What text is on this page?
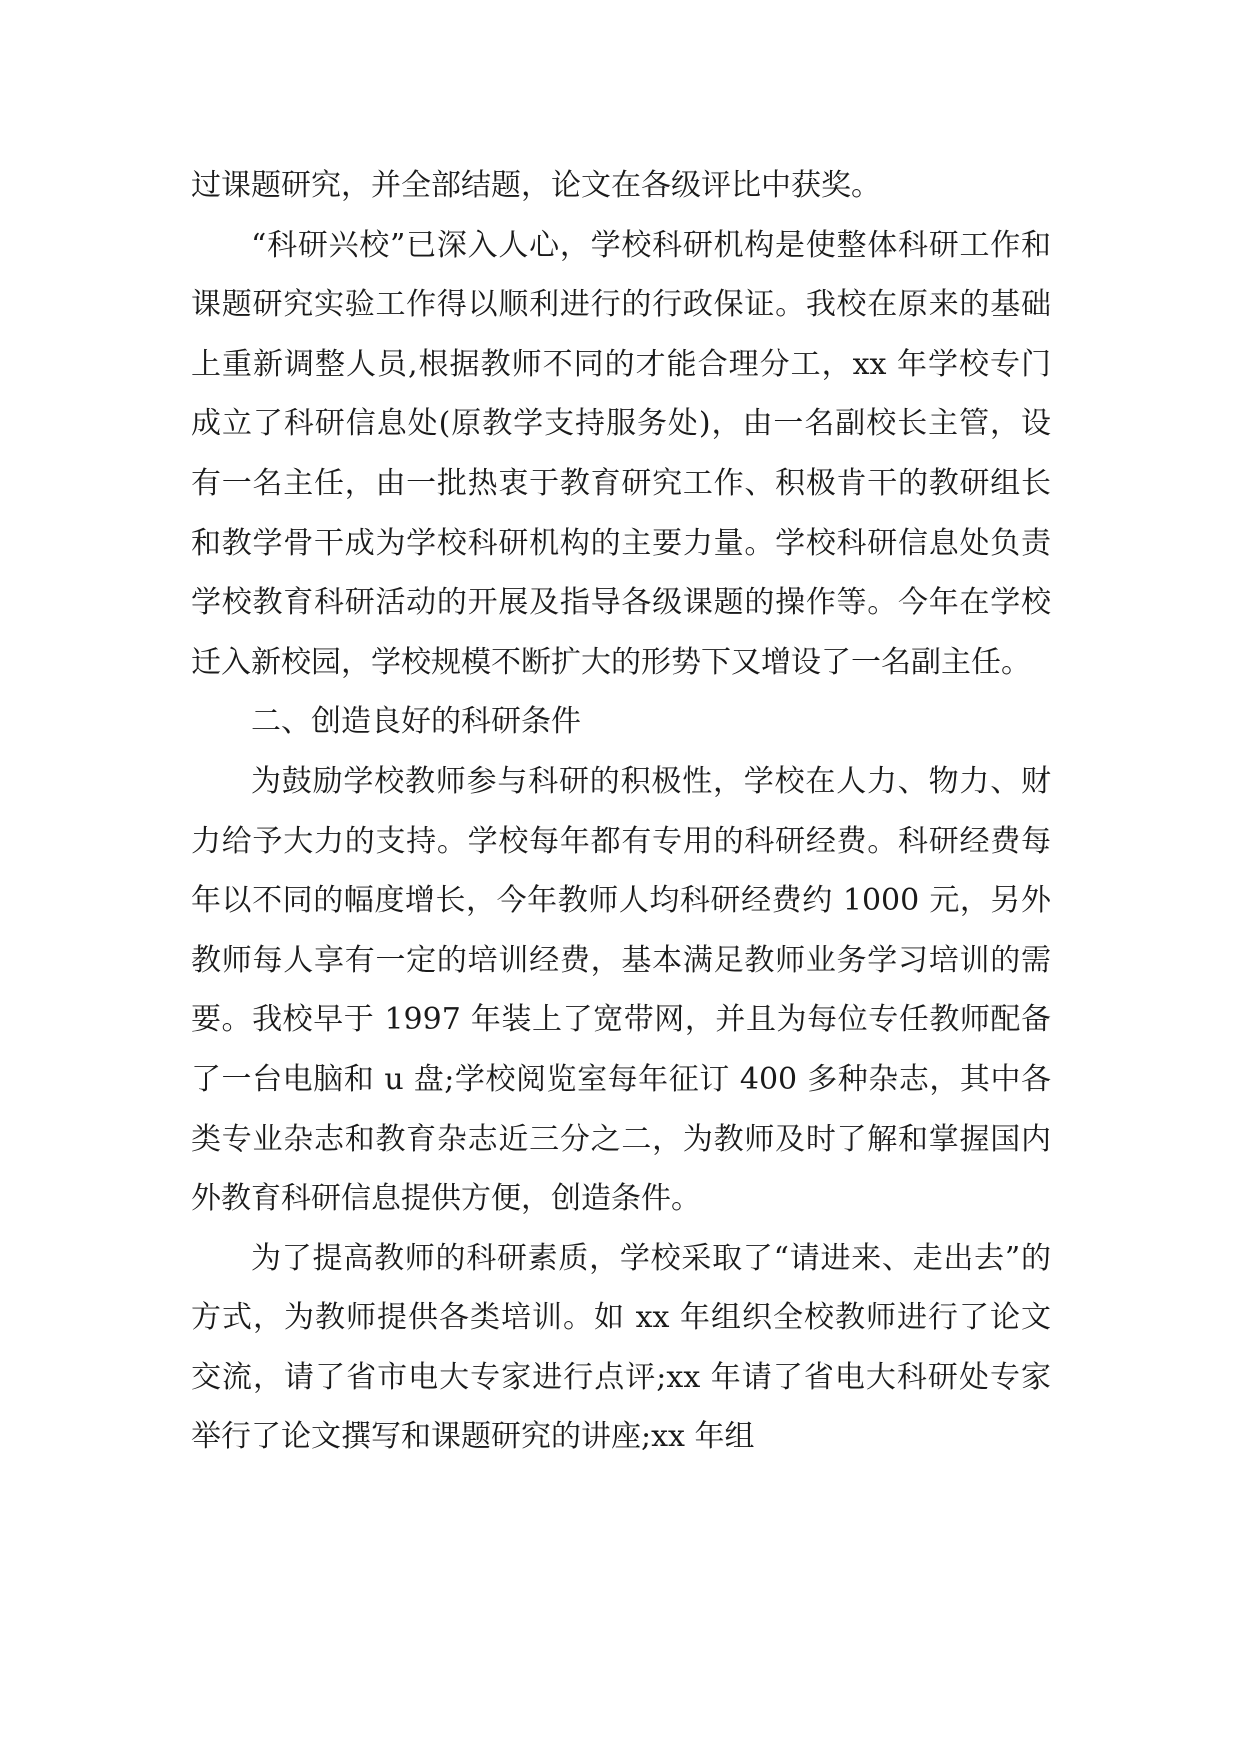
过课题研究，并全部结题，论文在各级评比中获奖。

“科研兴校”已深入人心，学校科研机构是使整体科研工作和课题研究实验工作得以顺利进行的行政保证。我校在原来的基础上重新调整人员,根据教师不同的才能合理分工，xx 年学校专门成立了科研信息处(原教学支持服务处)，由一名副校长主管，设有一名主任，由一批热衷于教育研究工作、积极肯干的教研组长和教学骨干成为学校科研机构的主要力量。学校科研信息处负责学校教育科研活动的开展及指导各级课题的操作等。今年在学校迁入新校园，学校规模不断扩大的形势下又增设了一名副主任。

二、创造良好的科研条件

为鼓励学校教师参与科研的积极性，学校在人力、物力、财力给予大力的支持。学校每年都有专用的科研经费。科研经费每年以不同的幅度增长，今年教师人均科研经费约 1000 元，另外教师每人享有一定的培训经费，基本满足教师业务学习培训的需要。我校早于 1997 年装上了宽带网，并且为每位专任教师配备了一台电脑和 u 盘;学校阅览室每年征订 400 多种杂志，其中各类专业杂志和教育杂志近三分之二，为教师及时了解和掌握国内外教育科研信息提供方便，创造条件。

为了提高教师的科研素质，学校采取了“请进来、走出去”的方式，为教师提供各类培训。如 xx 年组织全校教师进行了论文交流，请了省市电大专家进行点评;xx 年请了省电大科研处专家举行了论文撰写和课题研究的讲座;xx 年组
